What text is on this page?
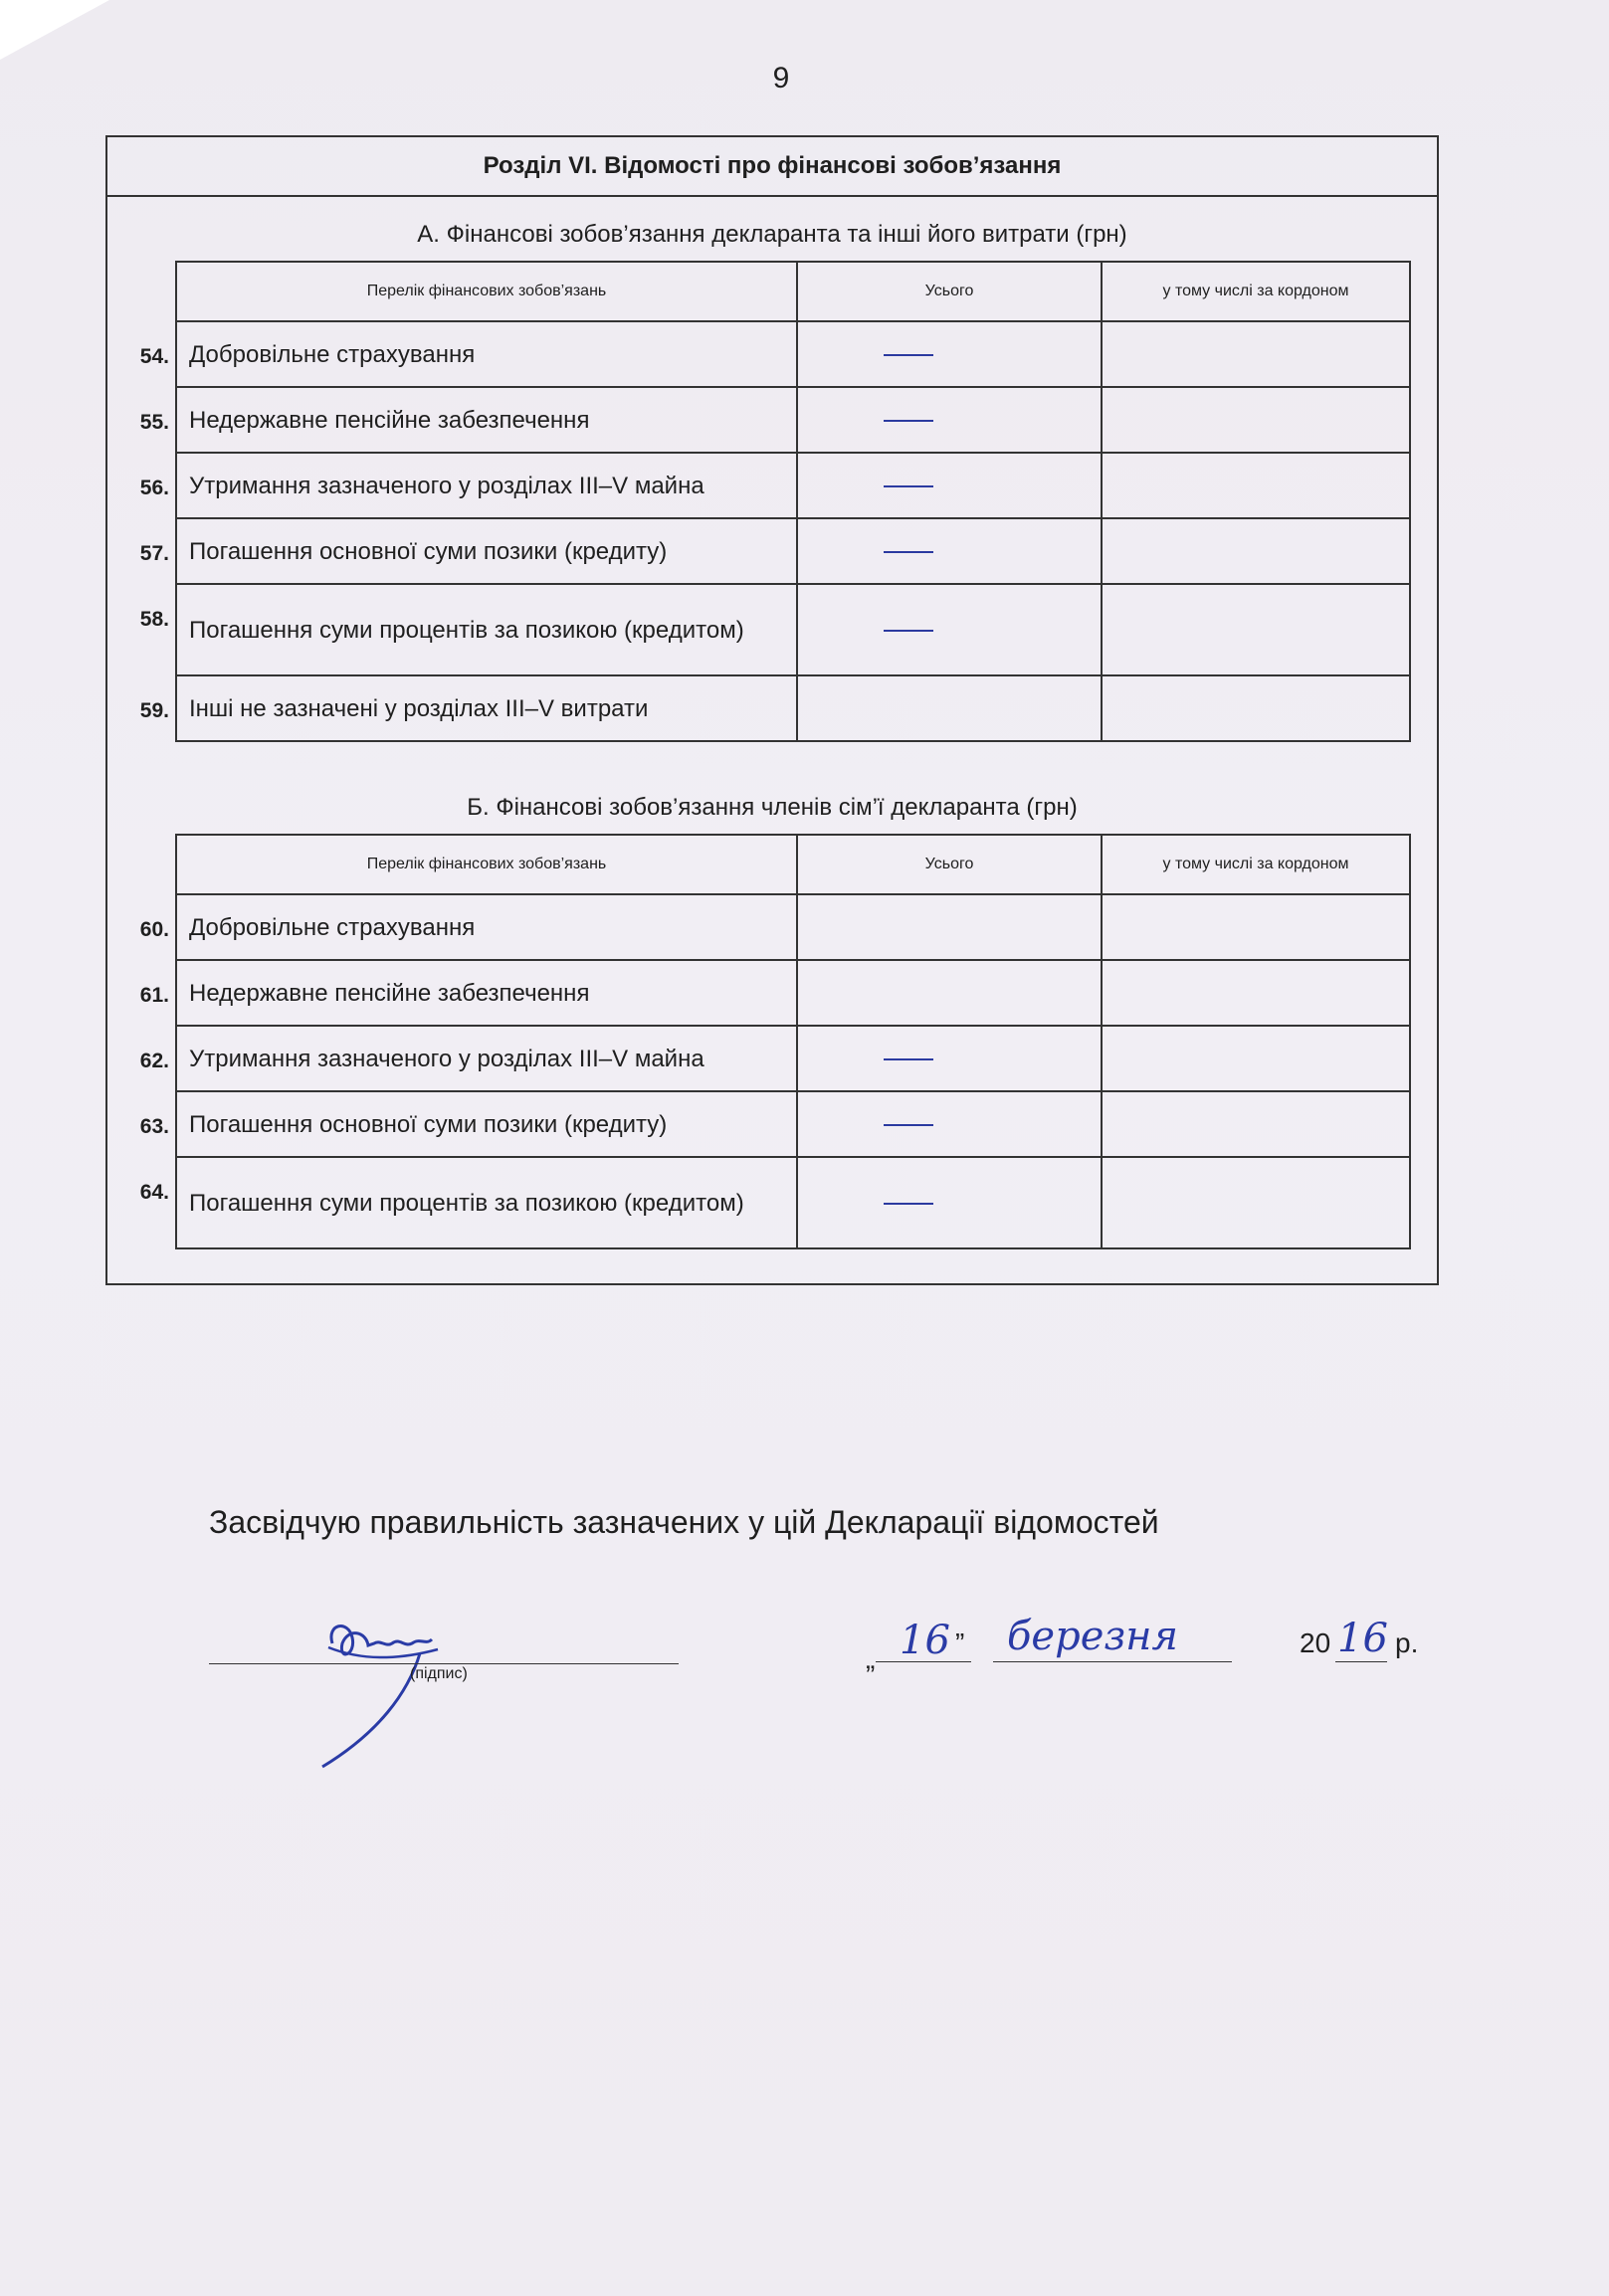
9
Розділ VI. Відомості про фінансові зобов’язання
А. Фінансові зобов’язання декларанта та інші його витрати (грн)
Перелік фінансових зобов’язань	Усього	у тому числі за кордоном

54. Добровільне страхування	

55. Недержавне пенсійне забезпечення	

56. Утримання зазначеного у розділах III–V майна	

57. Погашення основної суми позики (кредиту)	

58. Погашення суми процентів за позикою (кредитом)	

59. Інші не зазначені у розділах III–V витрати		
Б. Фінансові зобов’язання членів сім’ї декларанта (грн)
Перелік фінансових зобов’язань	Усього	у тому числі за кордоном

60. Добровільне страхування		

61. Недержавне пенсійне забезпечення		

62. Утримання зазначеного у розділах III–V майна	

63. Погашення основної суми позики (кредиту)	

64. Погашення суми процентів за позикою (кредитом)	

Засвідчую правильність зазначених у цій Декларації відомостей
(підпис)	„ 16 ” березня	20 16 р.
